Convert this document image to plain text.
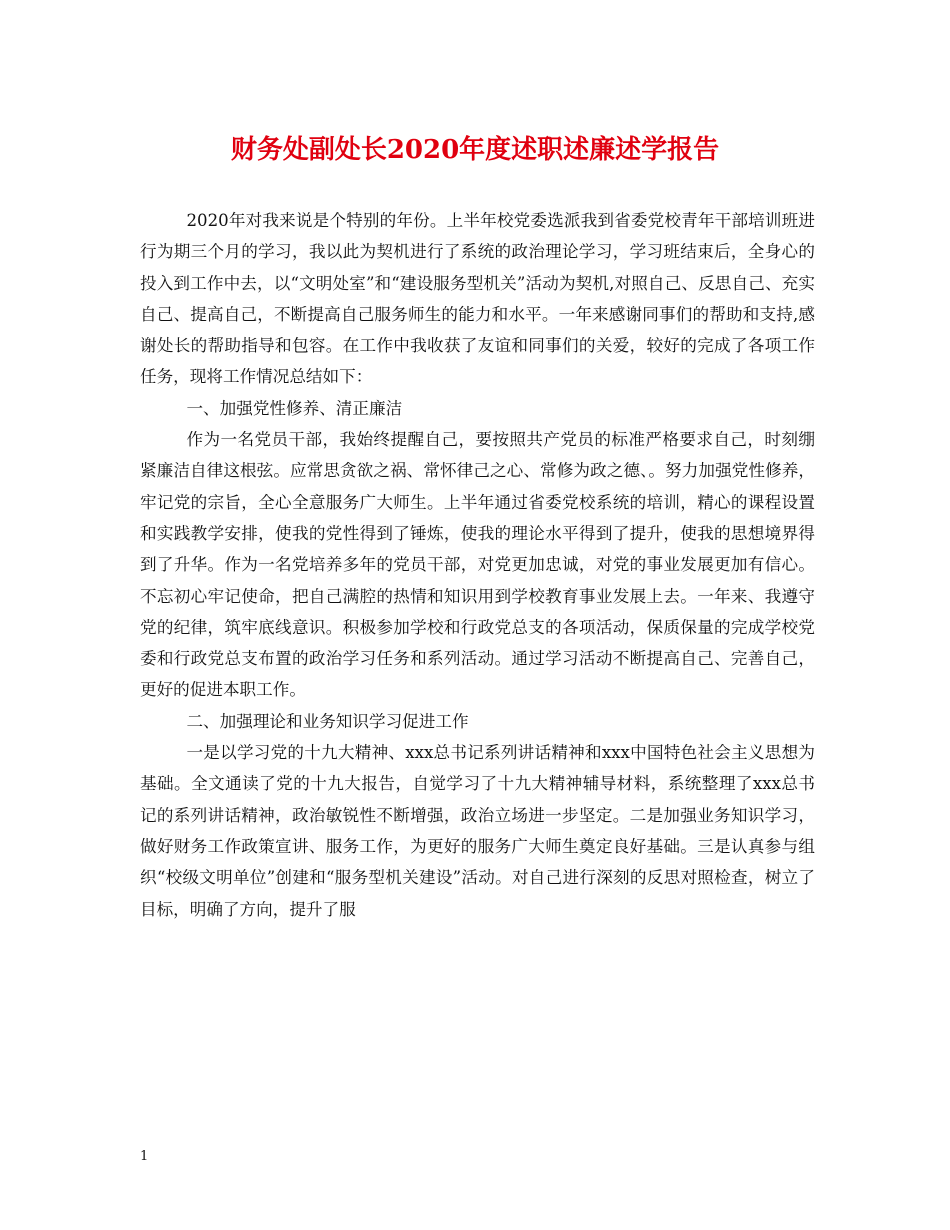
财务处副处长2020年度述职述廉述学报告

2020年对我来说是个特别的年份。上半年校党委选派我到省委党校青年干部培训班进行为期三个月的学习，我以此为契机进行了系统的政治理论学习，学习班结束后，全身心的投入到工作中去，以“文明处室”和“建设服务型机关”活动为契机,对照自己、反思自己、充实自己、提高自己，不断提高自己服务师生的能力和水平。一年来感谢同事们的帮助和支持,感谢处长的帮助指导和包容。在工作中我收获了友谊和同事们的关爱，较好的完成了各项工作任务，现将工作情况总结如下：

一、加强党性修养、清正廉洁

作为一名党员干部，我始终提醒自己，要按照共产党员的标准严格要求自己，时刻绷紧廉洁自律这根弦。应常思贪欲之祸、常怀律己之心、常修为政之德、。努力加强党性修养，牢记党的宗旨，全心全意服务广大师生。上半年通过省委党校系统的培训，精心的课程设置和实践教学安排，使我的党性得到了锤炼，使我的理论水平得到了提升，使我的思想境界得到了升华。作为一名党培养多年的党员干部，对党更加忠诚，对党的事业发展更加有信心。不忘初心牢记使命，把自己满腔的热情和知识用到学校教育事业发展上去。一年来、我遵守党的纪律，筑牢底线意识。积极参加学校和行政党总支的各项活动，保质保量的完成学校党委和行政党总支布置的政治学习任务和系列活动。通过学习活动不断提高自己、完善自己，更好的促进本职工作。

二、加强理论和业务知识学习促进工作

一是以学习党的十九大精神、xxx总书记系列讲话精神和xxx中国特色社会主义思想为基础。全文通读了党的十九大报告，自觉学习了十九大精神辅导材料，系统整理了xxx总书记的系列讲话精神，政治敏锐性不断增强，政治立场进一步坚定。二是加强业务知识学习，做好财务工作政策宣讲、服务工作，为更好的服务广大师生奠定良好基础。三是认真参与组织“校级文明单位”创建和“服务型机关建设”活动。对自己进行深刻的反思对照检查，树立了目标，明确了方向，提升了服

1
